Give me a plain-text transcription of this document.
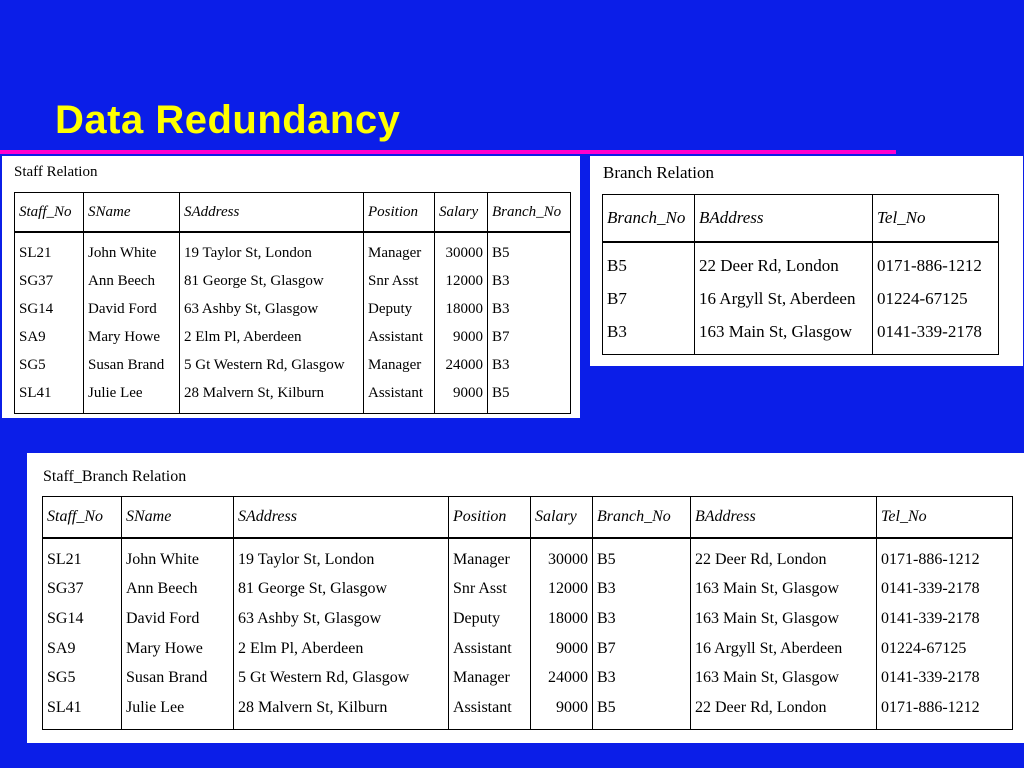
Data Redundancy
Staff Relation
Staff_No	SName	SAddress	Position	Salary	Branch_No
SL21	John White	19 Taylor St, London	Manager	30000	B5
SG37	Ann Beech	81 George St, Glasgow	Snr Asst	12000	B3
SG14	David Ford	63 Ashby St, Glasgow	Deputy	18000	B3
SA9	Mary Howe	2 Elm Pl, Aberdeen	Assistant	9000	B7
SG5	Susan Brand	5 Gt Western Rd, Glasgow	Manager	24000	B3
SL41	Julie Lee	28 Malvern St, Kilburn	Assistant	9000	B5
Branch Relation
Branch_No	BAddress	Tel_No
B5	22 Deer Rd, London	0171-886-1212
B7	16 Argyll St, Aberdeen	01224-67125
B3	163 Main St, Glasgow	0141-339-2178
Staff_Branch Relation
Staff_No	SName	SAddress	Position	Salary	Branch_No	BAddress	Tel_No
SL21	John White	19 Taylor St, London	Manager	30000	B5	22 Deer Rd, London	0171-886-1212
SG37	Ann Beech	81 George St, Glasgow	Snr Asst	12000	B3	163 Main St, Glasgow	0141-339-2178
SG14	David Ford	63 Ashby St, Glasgow	Deputy	18000	B3	163 Main St, Glasgow	0141-339-2178
SA9	Mary Howe	2 Elm Pl, Aberdeen	Assistant	9000	B7	16 Argyll St, Aberdeen	01224-67125
SG5	Susan Brand	5 Gt Western Rd, Glasgow	Manager	24000	B3	163 Main St, Glasgow	0141-339-2178
SL41	Julie Lee	28 Malvern St, Kilburn	Assistant	9000	B5	22 Deer Rd, London	0171-886-1212
